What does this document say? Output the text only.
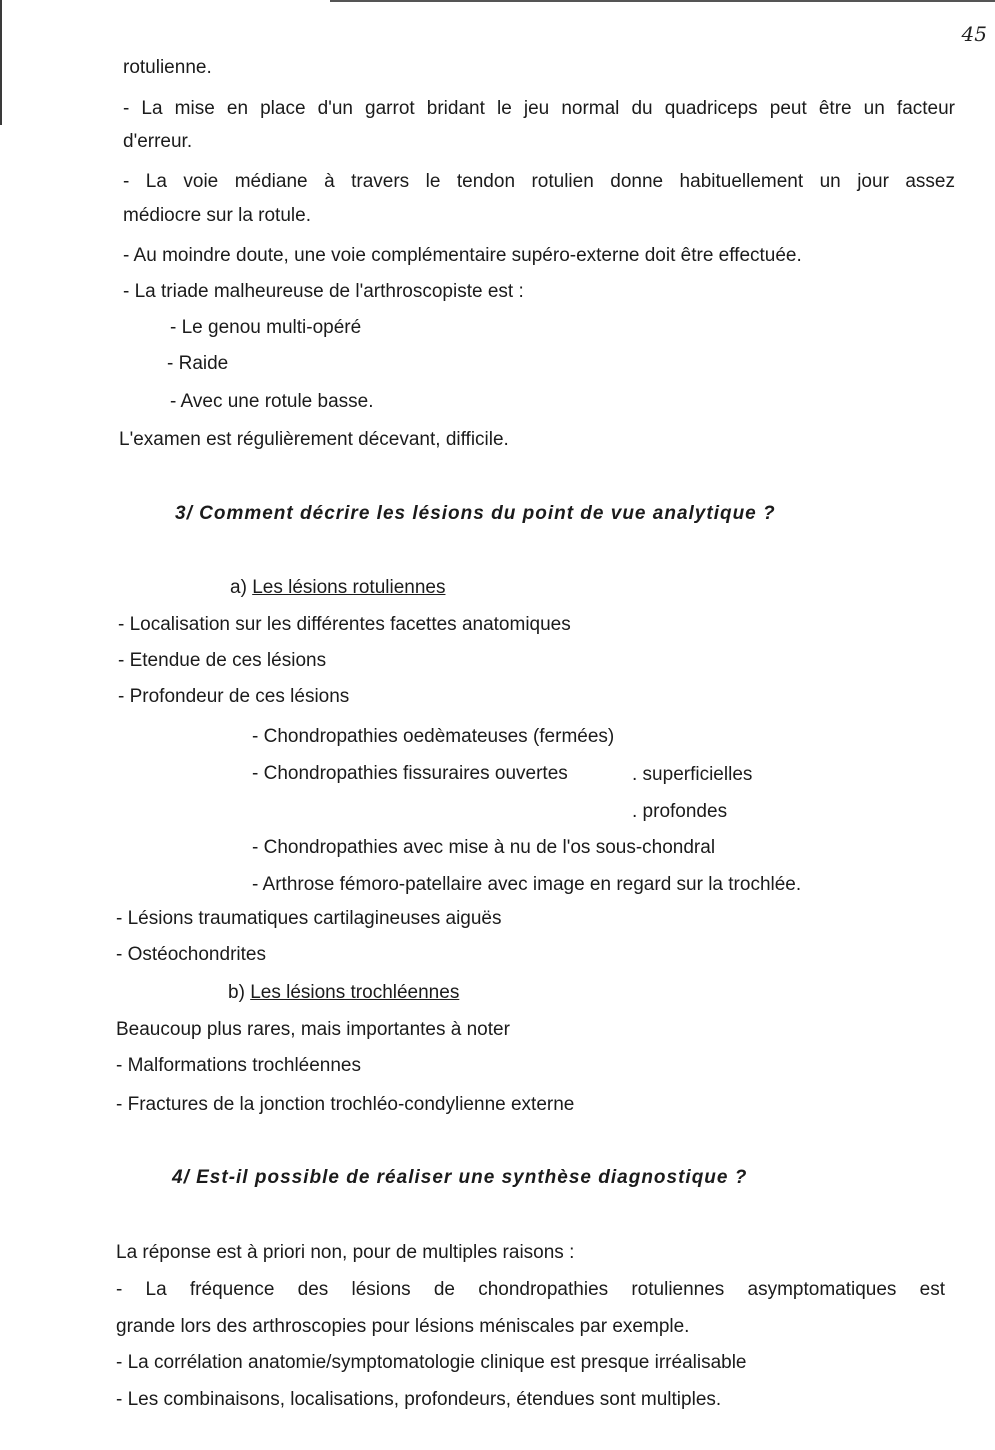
45
rotulienne.
- La mise en place d'un garrot bridant le jeu normal du quadriceps peut être un facteur
d'erreur.
- La voie médiane à travers le tendon rotulien donne habituellement un jour assez
médiocre sur la rotule.
- Au moindre doute, une voie complémentaire supéro-externe doit être effectuée.
- La triade malheureuse de l'arthroscopiste est :
- Le genou multi-opéré
- Raide
- Avec une rotule basse.
L'examen est régulièrement décevant, difficile.
3/ Comment décrire les lésions du point de vue analytique ?
a) Les lésions rotuliennes
- Localisation sur les différentes facettes anatomiques
- Etendue de ces lésions
- Profondeur de ces lésions
- Chondropathies oedèmateuses (fermées)
- Chondropathies fissuraires ouvertes	. superficielles
. profondes
- Chondropathies avec mise à nu de l'os sous-chondral
- Arthrose fémoro-patellaire avec image en regard sur la trochlée.
- Lésions traumatiques cartilagineuses aiguës
- Ostéochondrites
b) Les lésions trochléennes
Beaucoup plus rares, mais importantes à noter
- Malformations trochléennes
- Fractures de la jonction trochléo-condylienne externe
4/ Est-il possible de réaliser une synthèse diagnostique ?
La réponse est à priori non, pour de multiples raisons :
- La fréquence des lésions de chondropathies rotuliennes asymptomatiques est
grande lors des arthroscopies pour lésions méniscales par exemple.
- La corrélation anatomie/symptomatologie clinique est presque irréalisable
- Les combinaisons, localisations, profondeurs, étendues sont multiples.
